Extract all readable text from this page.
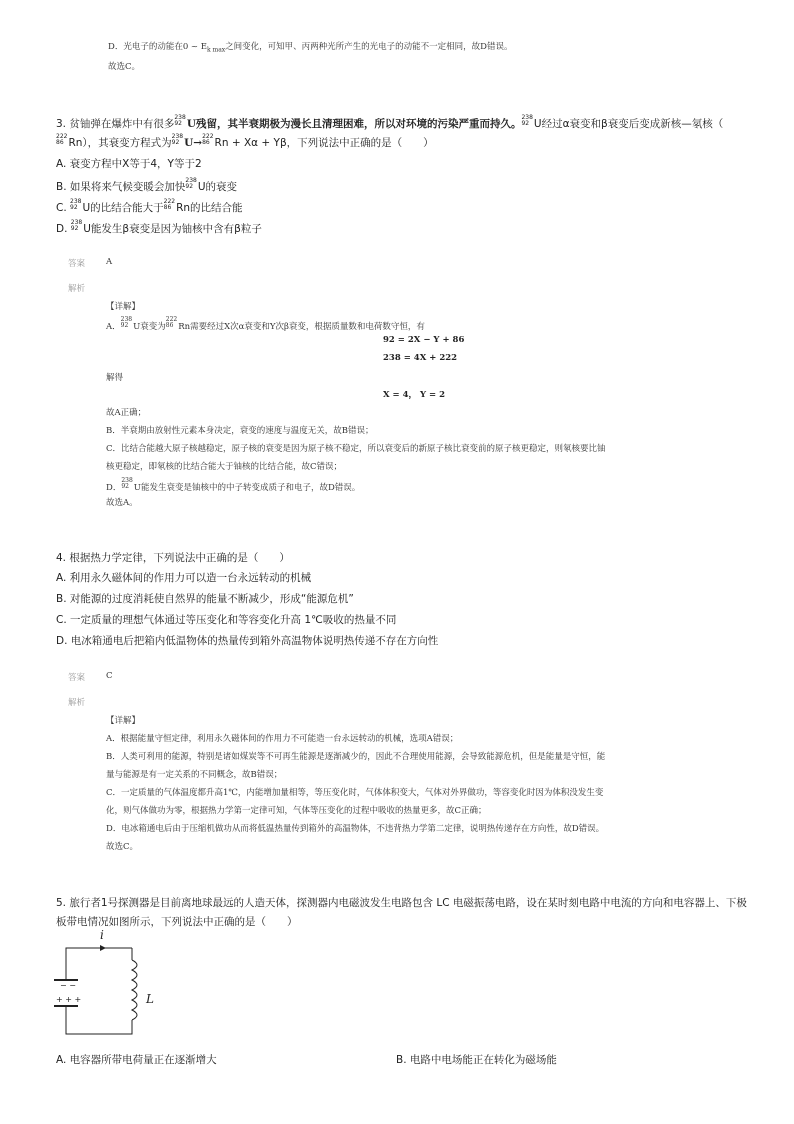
D．光电子的动能在0 ~ $E_{k max}$之间变化，可知甲、丙两种光所产生的光电子的动能不一定相同，故D错误。
故选C。
3. 贫铀弹在爆炸中有很多
238
92 U残留，其半衰期极为漫长且清理困难，所以对环境的污染严重而持久。
238
92 U经过α衰变和β衰变后变成新核—氡核（
222
86 Rn），其衰变方程式为
238
92 U→
222
86 Rn + Xα + Yβ，下列说法中正确的是（　　）
A. 衰变方程中X等于4，Y等于2
B. 如果将来气候变暖会加快
238
92 U的衰变
C.
238
92 U的比结合能大于
222
86 Rn的比结合能
D.
238
92 U能发生β衰变是因为铀核中含有β粒子
答案 A
解析
【详解】
A．
238
92 U衰变为
222
86 Rn需要经过X次α衰变和Y次β衰变，根据质量数和电荷数守恒，有
92 = 2X − Y + 86
238 = 4X + 222
解得
X = 4， Y = 2
故A正确；
B．半衰期由放射性元素本身决定，衰变的速度与温度无关，故B错误；
C．比结合能越大原子核越稳定，原子核的衰变是因为原子核不稳定，所以衰变后的新原子核比衰变前的原子核更稳定，则氡核要比铀
核更稳定，即氡核的比结合能大于铀核的比结合能，故C错误；
D．
238
92 U能发生衰变是铀核中的中子转变成质子和电子，故D错误。
故选A。
4. 根据热力学定律，下列说法中正确的是（　　）
A. 利用永久磁体间的作用力可以造一台永远转动的机械
B. 对能源的过度消耗使自然界的能量不断减少，形成“能源危机”
C. 一定质量的理想气体通过等压变化和等容变化升高 1℃吸收的热量不同
D. 电冰箱通电后把箱内低温物体的热量传到箱外高温物体说明热传递不存在方向性
答案 C
解析
【详解】
A．根据能量守恒定律，利用永久磁体间的作用力不可能造一台永远转动的机械，选项A错误；
B．人类可利用的能源，特别是诸如煤炭等不可再生能源是逐渐减少的，因此不合理使用能源，会导致能源危机，但是能量是守恒，能
量与能源是有一定关系的不同概念，故B错误；
C．一定质量的气体温度都升高1℃，内能增加量相等，等压变化时，气体体积变大，气体对外界做功，等容变化时因为体积没发生变
化，则气体做功为零，根据热力学第一定律可知，气体等压变化的过程中吸收的热量更多，故C正确；
D．电冰箱通电后由于压缩机做功从而将低温热量传到箱外的高温物体，不违背热力学第二定律，说明热传递存在方向性，故D错误。
故选C。
5. 旅行者1号探测器是目前离地球最远的人造天体，探测器内电磁波发生电路包含 LC 电磁振荡电路，设在某时刻电路中电流的方向和电容器上、下极
板带电情况如图所示，下列说法中正确的是（　　）
i
L
− −
+ + +
A. 电容器所带电荷量正在逐渐增大	B. 电路中电场能正在转化为磁场能
